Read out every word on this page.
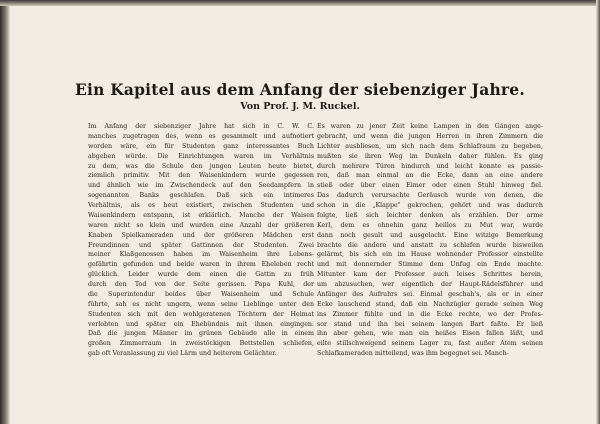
Ein Kapitel aus dem Anfang der siebenziger Jahre.
Von Prof. J. M. Ruckel.
Im Anfang der siebenziger Jahre hat sich in C. W. C.
manches zugetragen des, wenn es gesammelt und aufnotiert
worden wäre, ein für Studenten ganz interessantes Buch
abgeben würde. Die Einrichtungen waren im Verhältnis
zu dem, was die Schule den jungen Leuten heute bietet,
ziemlich primitiv. Mit den Waisenkindern wurde gegessen
und ähnlich wie im Zwischendeck auf den Seedampfern in
sogenannten Banks geschlafen. Daß sich ein intimeres
Verhältnis, als es heut existiert, zwischen Studenten und
Waisenkindern entspann, ist erklärlich. Manche der Waisen
waren nicht so klein und wurden eine Anzahl der größeren
Knaben Spielkameraden und der größeren Mädchen erst
Freundinnen und später Gattinnen der Studenten. Zwei
meiner Klaßgenossen haben im Waisenheim ihre Lebens-
gefährtin gefunden und beide waren in ihrem Eheleben recht
glücklich. Leider wurde dem einen die Gattin zu früh
durch den Tod von der Seite gerissen. Papa Kuhl, der
die Superintendur beides über Waisenheim und Schule
führte, sah es nicht ungern, wenn seine Lieblinge unter den
Studenten sich mit den wohlgeratenen Töchtern der Heimat
verlobten und später ein Ehebündnis mit ihnen eingingen.
Daß die jungen Männer im grünen Gebäude alle in einem
großen Zimmerraum in zweistöckigen Bettstellen schliefen,
gab oft Veranlassung zu viel Lärm und heiterem Gelächter.
Es waren zu jener Zeit keine Lampen in den Gängen ange-
gebracht, und wenn die jungen Herren in ihren Zimmern die
Lichter ausbliesen, um sich nach dem Schlafraum zu begeben,
mußten sie ihren Weg im Dunkeln daher fühlen. Es ging
durch mehrere Türen hindurch und leicht konnte es passie-
ren, daß man einmal an die Ecke, dann an eine andere
stieß oder über einen Eimer oder einen Stuhl hinweg fiel.
Das dadurch verursachte Geräusch wurde von denen, die
schon in die „Klappe" gekrochen, gehört und was dadurch
folgte, ließ sich leichter denken als erzählen. Der arme
Kerl, dem es ohnehin ganz heillos zu Mut war, wurde
dann noch gesult und ausgelacht. Eine witzige Bemerkung
brachte die andere und anstatt zu schlafen wurde bisweilen
gelärmt, bis sich ein im Hause wohnender Professor einstellte
und mit donnernder Stimme dem Unfug ein Ende machte.
Mitunter kam der Professor auch leises Schrittes herein,
um abzusuchen, wer eigentlich der Haupt-Rädelsführer und
Anfänger des Aufruhrs sei. Einmal geschah's, als er in einer
Ecke lauschend stand, daß ein Nachzügler gerade seinen Weg
ins Zimmer fühlte und in die Ecke rechte, wo der Profes-
sor stand und ihn bei seinem langen Bart faßte. Er ließ
ihn aber gehen, wie man ein heißes Eisen fallen läßt, und
eilte stillschweigend seinem Lager zu, fast außer Atem seinen
Schlafkameraden mitteilend, was ihm begegnet sei. Manch-
